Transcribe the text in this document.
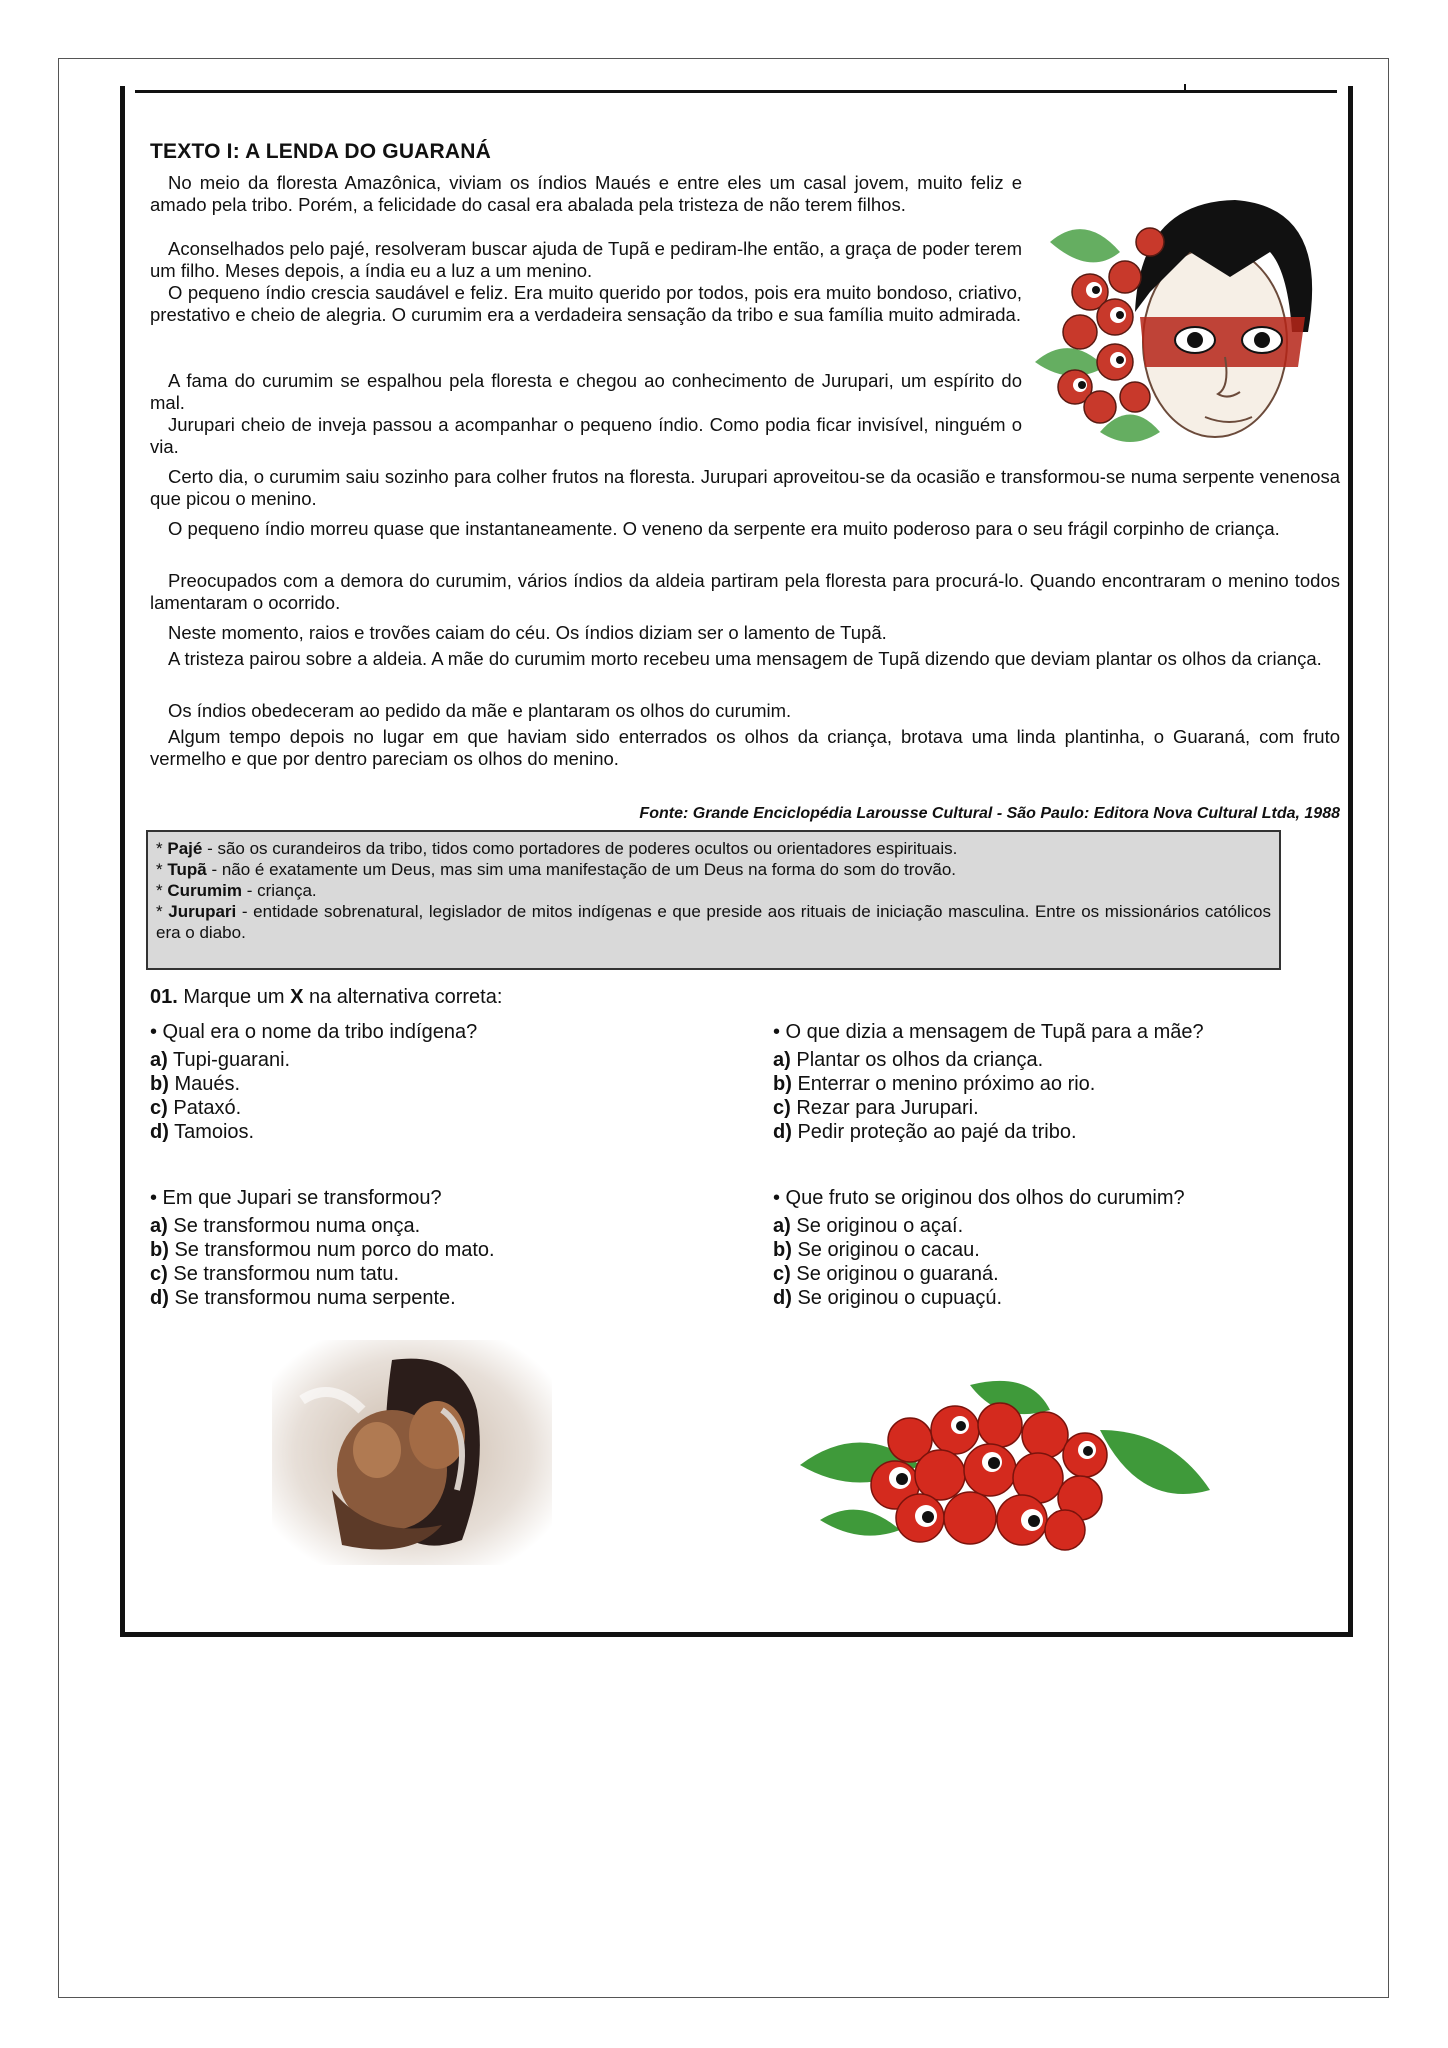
TEXTO I: A LENDA DO GUARANÁ

No meio da floresta Amazônica, viviam os índios Maués e entre eles um casal jovem, muito feliz e amado pela tribo. Porém, a felicidade do casal era abalada pela tristeza de não terem filhos.

Aconselhados pelo pajé, resolveram buscar ajuda de Tupã e pediram-lhe então, a graça de poder terem um filho. Meses depois, a índia eu a luz a um menino.

O pequeno índio crescia saudável e feliz. Era muito querido por todos, pois era muito bondoso, criativo, prestativo e cheio de alegria. O curumim era a verdadeira sensação da tribo e sua família muito admirada.

A fama do curumim se espalhou pela floresta e chegou ao conhecimento de Jurupari, um espírito do mal.

Jurupari cheio de inveja passou a acompanhar o pequeno índio. Como podia ficar invisível, ninguém o via.

Certo dia, o curumim saiu sozinho para colher frutos na floresta. Jurupari aproveitou-se da ocasião e transformou-se numa serpente venenosa que picou o menino.

O pequeno índio morreu quase que instantaneamente. O veneno da serpente era muito poderoso para o seu frágil corpinho de criança.

Preocupados com a demora do curumim, vários índios da aldeia partiram pela floresta para procurá-lo. Quando encontraram o menino todos lamentaram o ocorrido.

Neste momento, raios e trovões caiam do céu. Os índios diziam ser o lamento de Tupã.

A tristeza pairou sobre a aldeia. A mãe do curumim morto recebeu uma mensagem de Tupã dizendo que deviam plantar os olhos da criança.

Os índios obedeceram ao pedido da mãe e plantaram os olhos do curumim.

Algum tempo depois no lugar em que haviam sido enterrados os olhos da criança, brotava uma linda plantinha, o Guaraná, com fruto vermelho e que por dentro pareciam os olhos do menino.

Fonte: Grande Enciclopédia Larousse Cultural - São Paulo: Editora Nova Cultural Ltda, 1988
* Pajé - são os curandeiros da tribo, tidos como portadores de poderes ocultos ou orientadores espirituais.
* Tupã - não é exatamente um Deus, mas sim uma manifestação de um Deus na forma do som do trovão.
* Curumim - criança.
* Jurupari - entidade sobrenatural, legislador de mitos indígenas e que preside aos rituais de iniciação masculina. Entre os missionários católicos era o diabo.
01. Marque um X na alternativa correta:
• Qual era o nome da tribo indígena?
a) Tupi-guarani.
b) Maués.
c) Pataxó.
d) Tamoios.
• O que dizia a mensagem de Tupã para a mãe?
a) Plantar os olhos da criança.
b) Enterrar o menino próximo ao rio.
c) Rezar para Jurupari.
d) Pedir proteção ao pajé da tribo.
• Em que Jupari se transformou?
a) Se transformou numa onça.
b) Se transformou num porco do mato.
c) Se transformou num tatu.
d) Se transformou numa serpente.
• Que fruto se originou dos olhos do curumim?
a) Se originou o açaí.
b) Se originou o cacau.
c) Se originou o guaraná.
d) Se originou o cupuaçú.
